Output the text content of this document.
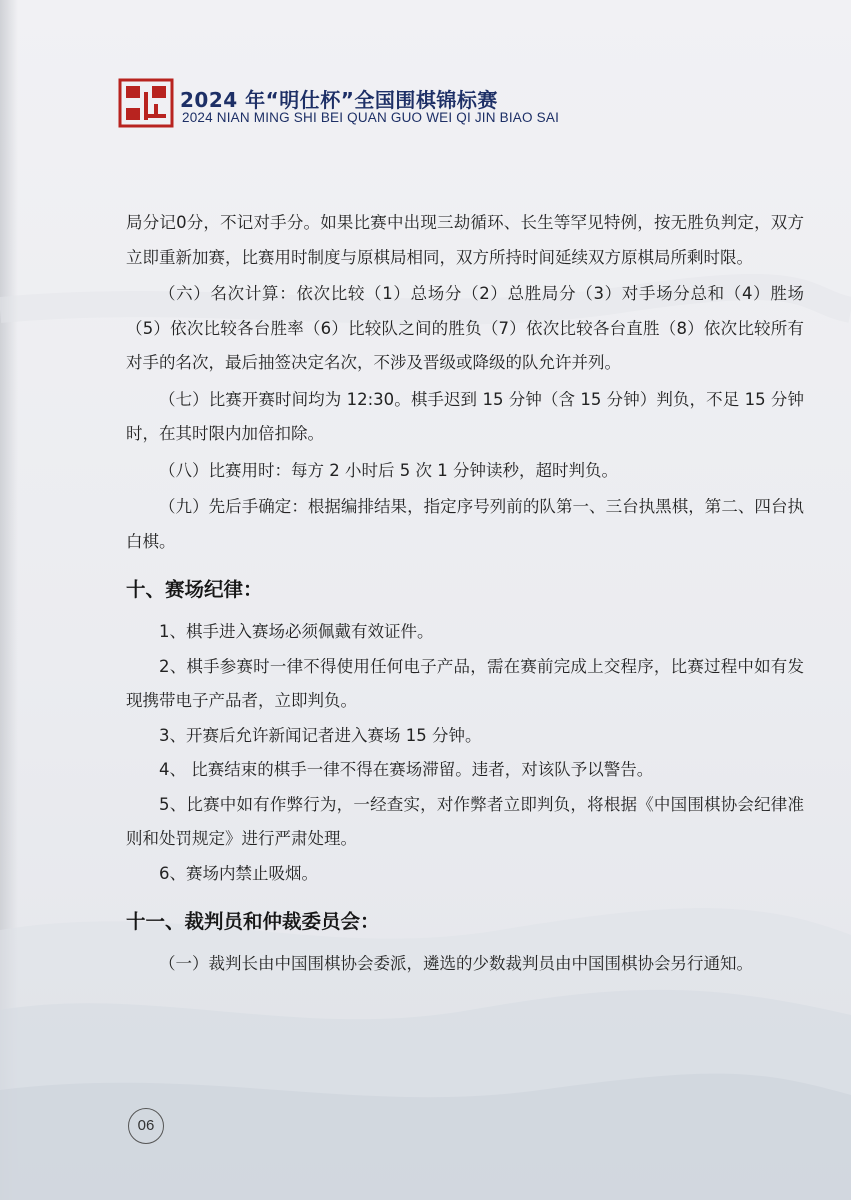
2024 年“明仕杯”全国围棋锦标赛
2024 NIAN MING SHI BEI QUAN GUO WEI QI JIN BIAO SAI

局分记0分，不记对手分。如果比赛中出现三劫循环、长生等罕见特例，按无胜负判定，双方立即重新加赛，比赛用时制度与原棋局相同，双方所持时间延续双方原棋局所剩时限。

（六）名次计算：依次比较（1）总场分（2）总胜局分（3）对手场分总和（4）胜场（5）依次比较各台胜率（6）比较队之间的胜负（7）依次比较各台直胜（8）依次比较所有对手的名次，最后抽签决定名次，不涉及晋级或降级的队允许并列。

（七）比赛开赛时间均为 12:30。棋手迟到 15 分钟（含 15 分钟）判负，不足 15 分钟时，在其时限内加倍扣除。

（八）比赛用时：每方 2 小时后 5 次 1 分钟读秒，超时判负。

（九）先后手确定：根据编排结果，指定序号列前的队第一、三台执黑棋，第二、四台执白棋。

十、赛场纪律：

1、棋手进入赛场必须佩戴有效证件。

2、棋手参赛时一律不得使用任何电子产品，需在赛前完成上交程序，比赛过程中如有发现携带电子产品者，立即判负。

3、开赛后允许新闻记者进入赛场 15 分钟。

4、 比赛结束的棋手一律不得在赛场滞留。违者，对该队予以警告。

5、比赛中如有作弊行为，一经查实，对作弊者立即判负，将根据《中国围棋协会纪律准则和处罚规定》进行严肃处理。

6、赛场内禁止吸烟。

十一、裁判员和仲裁委员会：

（一）裁判长由中国围棋协会委派，遴选的少数裁判员由中国围棋协会另行通知。

06
